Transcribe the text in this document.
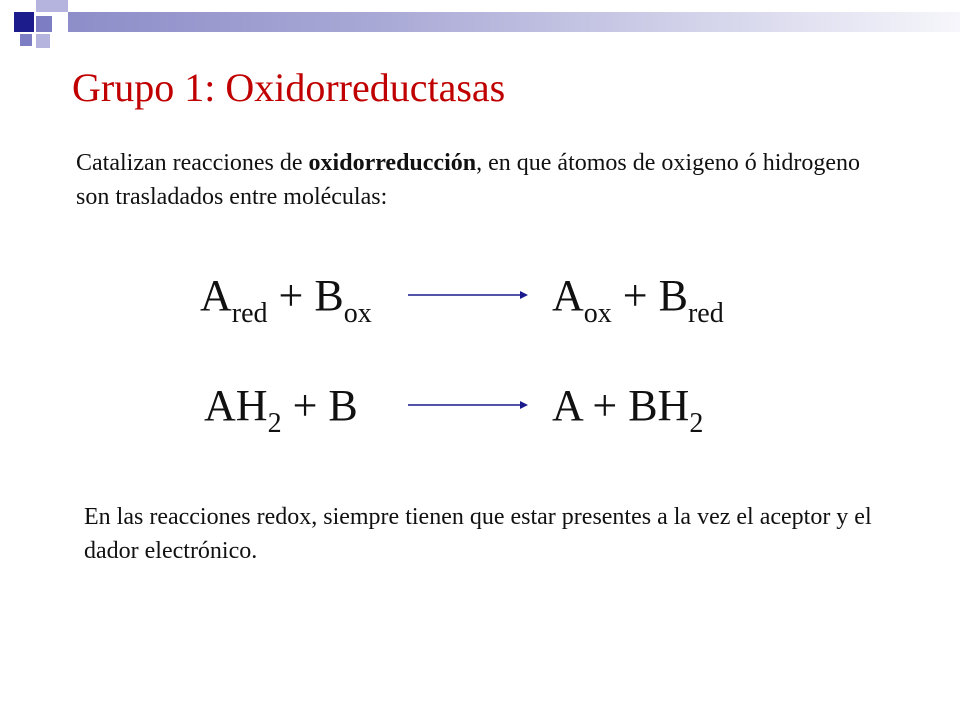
Grupo 1: Oxidorreductasas
Catalizan reacciones de oxidorreducción, en que átomos de oxigeno ó hidrogeno son trasladados entre moléculas:
$A_{red} + B_{ox}$	$A_{ox} + B_{red}$
$AH_2 + B$	$A + BH_2$
En las reacciones redox, siempre tienen que estar presentes a la vez el aceptor y el dador electrónico.
